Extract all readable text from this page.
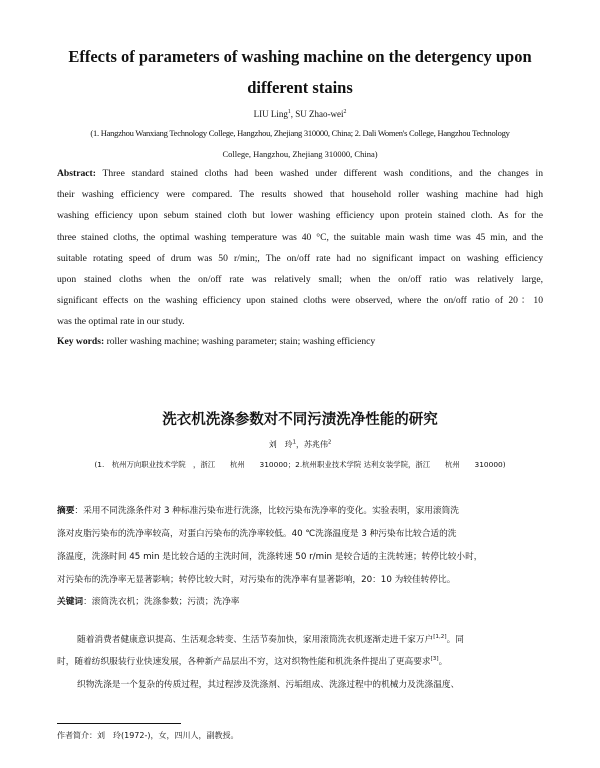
Effects of parameters of washing machine on the detergency upon
different stains
LIU Ling$^1$, SU Zhao-wei$^2$
(1. Hangzhou Wanxiang Technology College, Hangzhou, Zhejiang 310000, China; 2. Dali Women's College, Hangzhou Technology
College, Hangzhou, Zhejiang 310000, China)
Abstract: Three standard stained cloths had been washed under different wash conditions, and the changes in
their washing efficiency were compared. The results showed that household roller washing machine had high
washing efficiency upon sebum stained cloth but lower washing efficiency upon protein stained cloth. As for the
three stained cloths, the optimal washing temperature was 40 °C, the suitable main wash time was 45 min, and the
suitable rotating speed of drum was 50 r/min;, The on/off rate had no significant impact on washing efficiency
upon stained cloths when the on/off rate was relatively small; when the on/off ratio was relatively large,
significant effects on the washing efficiency upon stained cloths were observed, where the on/off ratio of 20：10
was the optimal rate in our study.
Key words: roller washing machine; washing parameter; stain; washing efficiency
洗衣机洗涤参数对不同污渍洗净性能的研究
刘　玲$^1$，苏兆伟$^2$
(1.　杭州万向职业技术学院　，浙江　　杭州　　310000；2.杭州职业技术学院 达利女装学院，浙江　　杭州　　310000)
摘要：采用不同洗涤条件对 3 种标准污染布进行洗涤，比较污染布洗净率的变化。实验表明，家用滚筒洗
涤对皮脂污染布的洗净率较高，对蛋白污染布的洗净率较低。40 ℃洗涤温度是 3 种污染布比较合适的洗
涤温度，洗涤时间 45 min 是比较合适的主洗时间，洗涤转速 50 r/min 是较合适的主洗转速；转停比较小时，
对污染布的洗净率无显著影响；转停比较大时，对污染布的洗净率有显著影响，20：10 为较佳转停比。
关键词：滚筒洗衣机；洗涤参数；污渍；洗净率
随着消费者健康意识提高、生活观念转变、生活节奏加快，家用滚筒洗衣机逐渐走进千家万户[1,2]。同
时，随着纺织服装行业快速发展，各种新产品层出不穷，这对织物性能和机洗条件提出了更高要求[3]。
织物洗涤是一个复杂的传质过程，其过程涉及洗涤剂、污垢组成、洗涤过程中的机械力及洗涤温度、
作者简介：刘　玲(1972-)，女，四川人，副教授。
